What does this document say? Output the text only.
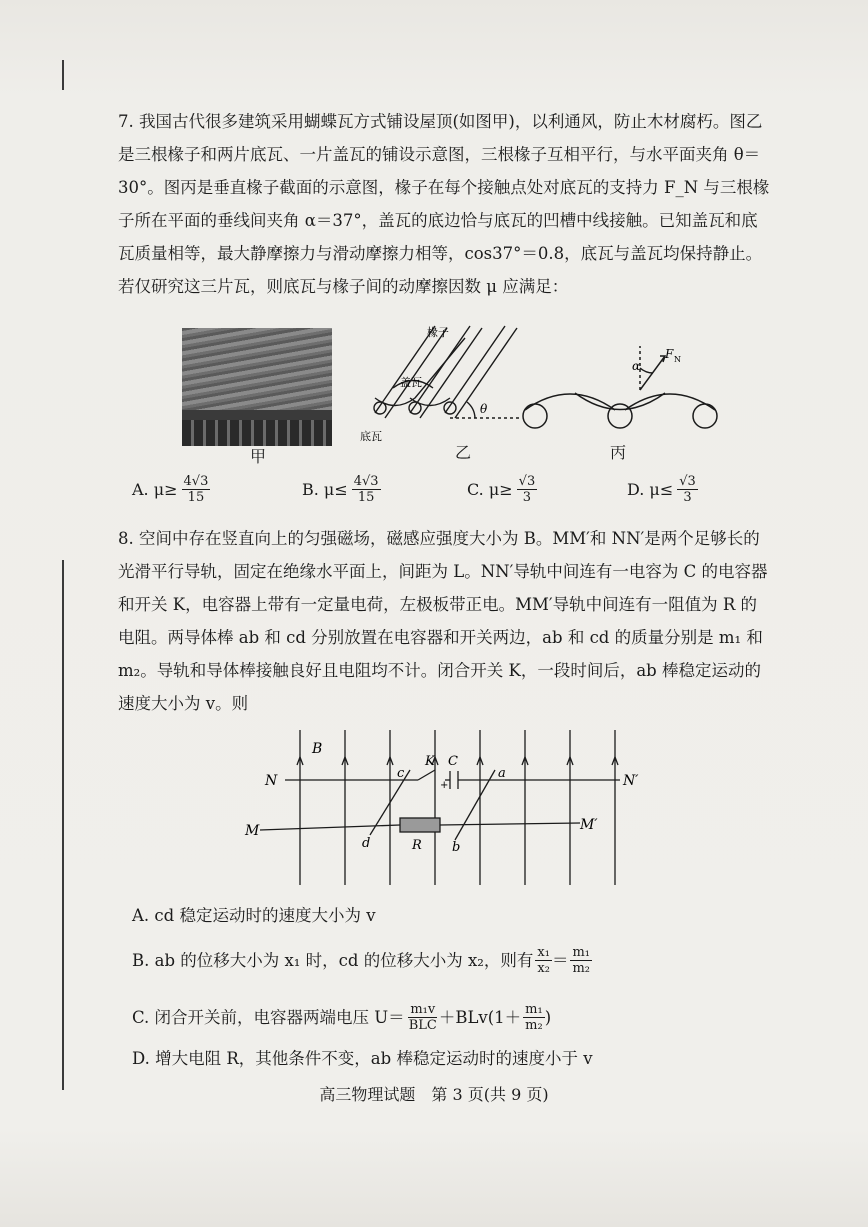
7. 我国古代很多建筑采用蝴蝶瓦方式铺设屋顶(如图甲)，以利通风，防止木材腐朽。图乙是三根椽子和两片底瓦、一片盖瓦的铺设示意图，三根椽子互相平行，与水平面夹角 θ＝30°。图丙是垂直椽子截面的示意图，椽子在每个接触点处对底瓦的支持力 F_N 与三根椽子所在平面的垂线间夹角 α＝37°，盖瓦的底边恰与底瓦的凹槽中线接触。已知盖瓦和底瓦质量相等，最大静摩擦力与滑动摩擦力相等，cos37°＝0.8，底瓦与盖瓦均保持静止。若仅研究这三片瓦，则底瓦与椽子间的动摩擦因数 μ 应满足：

甲
椽子
盖瓦
底瓦
θ
乙
α
F N
丙
A. $\mu\ge \frac{4√3}{15}$	B. $\mu\le \frac{4√3}{15}$	C. $\mu\ge \frac{√3}{3}$	D. $\mu\le \frac{√3}{3}$

8. 空间中存在竖直向上的匀强磁场，磁感应强度大小为 B。MM′和 NN′是两个足够长的光滑平行导轨，固定在绝缘水平面上，间距为 L。NN′导轨中间连有一电容为 C 的电容器和开关 K，电容器上带有一定量电荷，左极板带正电。MM′导轨中间连有一阻值为 R 的电阻。两导体棒 ab 和 cd 分别放置在电容器和开关两边，ab 和 cd 的质量分别是 m₁ 和 m₂。导轨和导体棒接触良好且电阻均不计。闭合开关 K，一段时间后，ab 棒稳定运动的速度大小为 v。则

B
N	N′
M	M′
c
d
a
b
K C
+
R
A. cd 稳定运动时的速度大小为 v
B. ab 的位移大小为 x₁ 时，cd 的位移大小为 x₂，则有 $\frac{\text{x₁}}{\text{x₂}} = \frac{\text{m₁}}{\text{m₂}}$
C. 闭合开关前，电容器两端电压 $U= \frac{\text{m₁v}}{\text{BLC}} +BLv(1+ \frac{\text{m₁}}{\text{m₂}}$ )
D. 增大电阻 R，其他条件不变，ab 棒稳定运动时的速度小于 v
高三物理试题　第 3 页(共 9 页)
